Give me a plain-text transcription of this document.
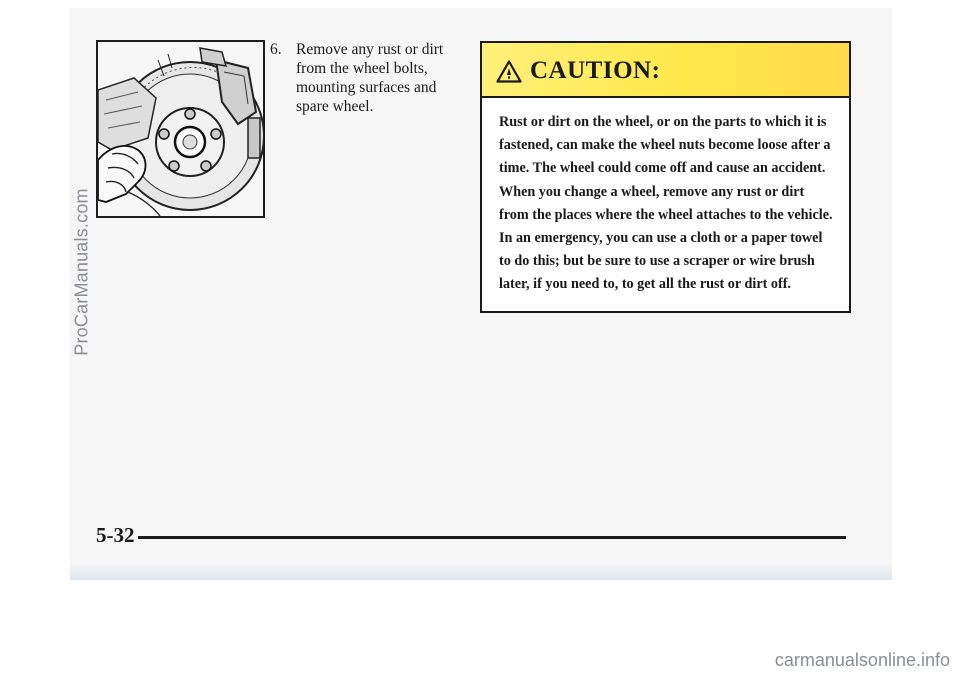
ProCarManuals.com
6. Remove any rust or dirt from the wheel bolts, mounting surfaces and spare wheel.
CAUTION:
Rust or dirt on the wheel, or on the parts to which it is fastened, can make the wheel nuts become loose after a time. The wheel could come off and cause an accident. When you change a wheel, remove any rust or dirt from the places where the wheel attaches to the vehicle. In an emergency, you can use a cloth or a paper towel to do this; but be sure to use a scraper or wire brush later, if you need to, to get all the rust or dirt off.
5-32
carmanualsonline.info
